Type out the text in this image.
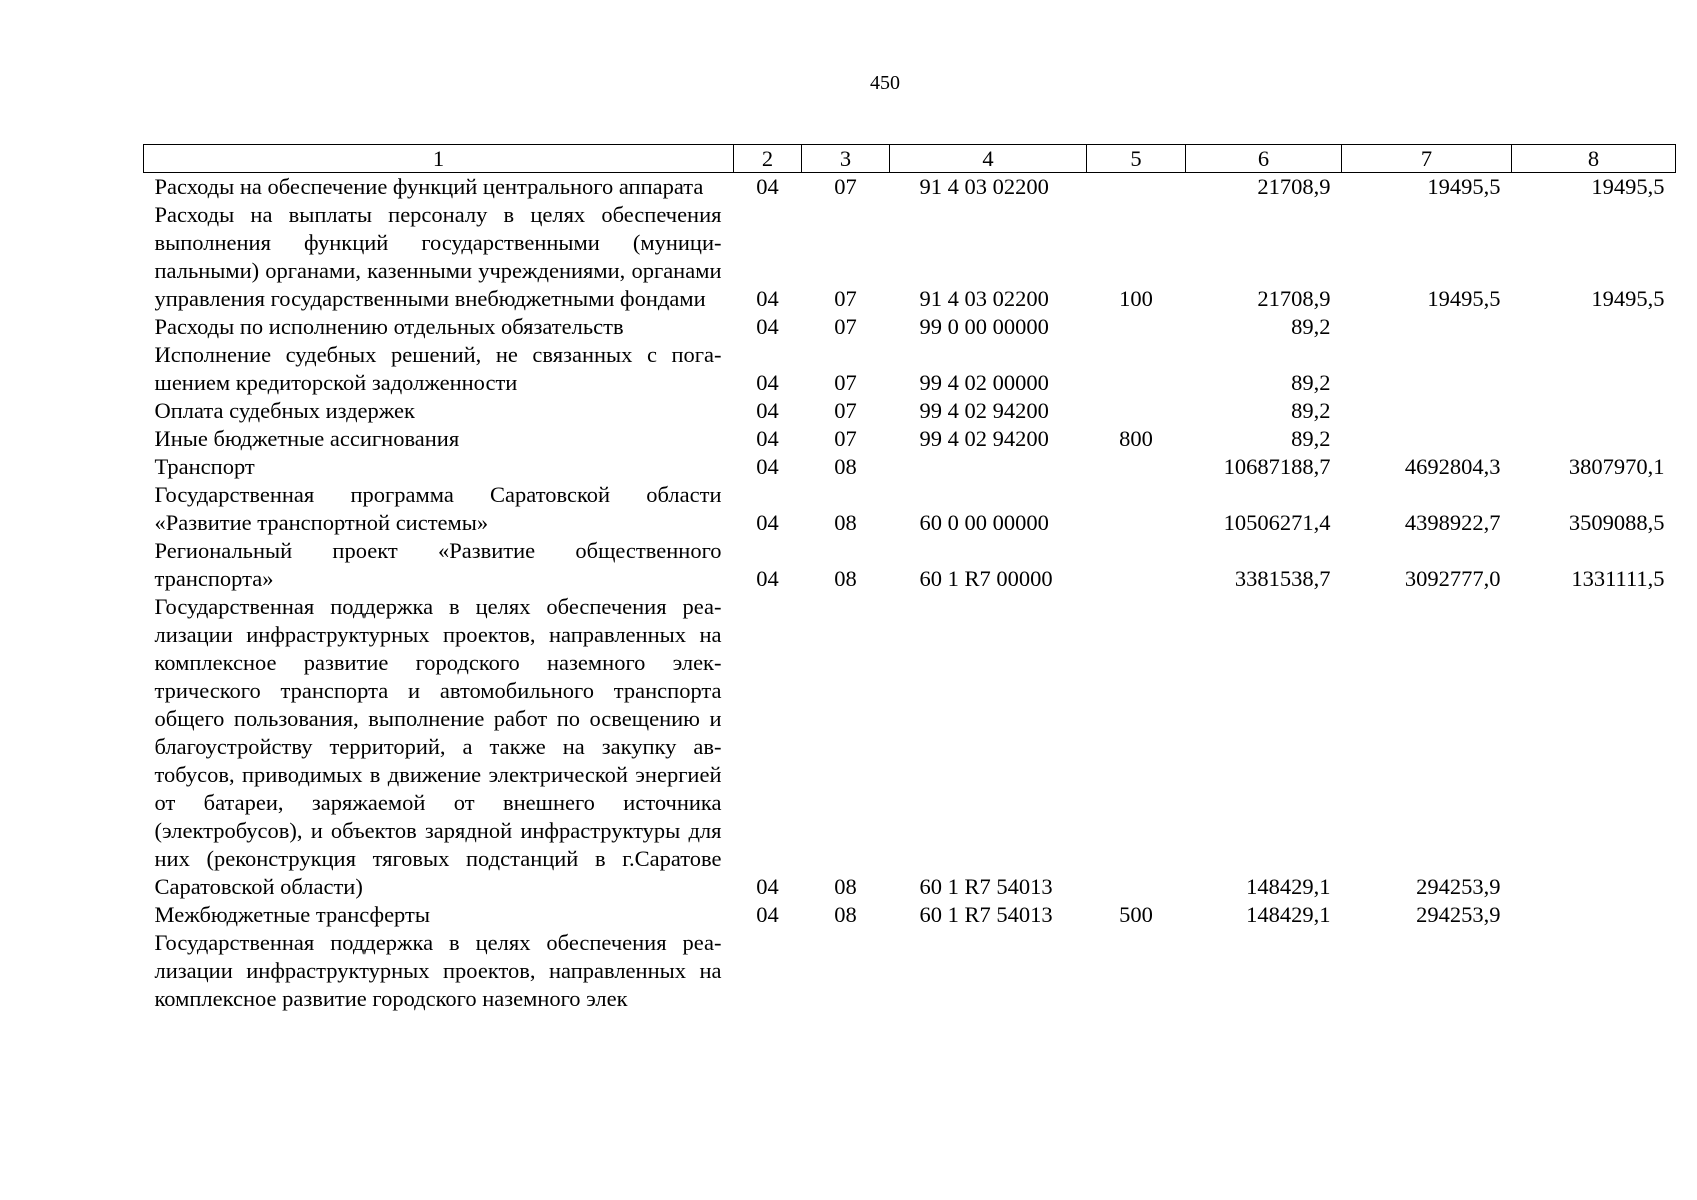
450
1	2	3	4	5	6	7	8
Расходы на обеспечение функций центрального аппарата	04	07	91 4 03 02200		21708,9	19495,5	19495,5
Расходы на выплаты персоналу в целях обеспечения выполнения функций государственными (муниципальными) органами, казенными учреждениями, органами управления государственными внебюджетными фондами	04	07	91 4 03 02200	100	21708,9	19495,5	19495,5
Расходы по исполнению отдельных обязательств	04	07	99 0 00 00000		89,2		
Исполнение судебных решений, не связанных с погашением кредиторской задолженности	04	07	99 4 02 00000		89,2		
Оплата судебных издержек	04	07	99 4 02 94200		89,2		
Иные бюджетные ассигнования	04	07	99 4 02 94200	800	89,2		
Транспорт	04	08			10687188,7	4692804,3	3807970,1
Государственная программа Саратовской области «Развитие транспортной системы»	04	08	60 0 00 00000		10506271,4	4398922,7	3509088,5
Региональный проект «Развитие общественного транспорта»	04	08	60 1 R7 00000		3381538,7	3092777,0	1331111,5
Государственная поддержка в целях обеспечения реализации инфраструктурных проектов, направленных на комплексное развитие городского наземного электрического транспорта и автомобильного транспорта общего пользования, выполнение работ по освещению и благоустройству территорий, а также на закупку автобусов, приводимых в движение электрической энергией от батареи, заряжаемой от внешнего источника (электробусов), и объектов зарядной инфраструктуры для них (реконструкция тяговых подстанций в г.Саратове Саратовской области)	04	08	60 1 R7 54013		148429,1	294253,9	
Межбюджетные трансферты	04	08	60 1 R7 54013	500	148429,1	294253,9	
Государственная поддержка в целях обеспечения реализации инфраструктурных проектов, направленных на комплексное развитие городского наземного элек							
